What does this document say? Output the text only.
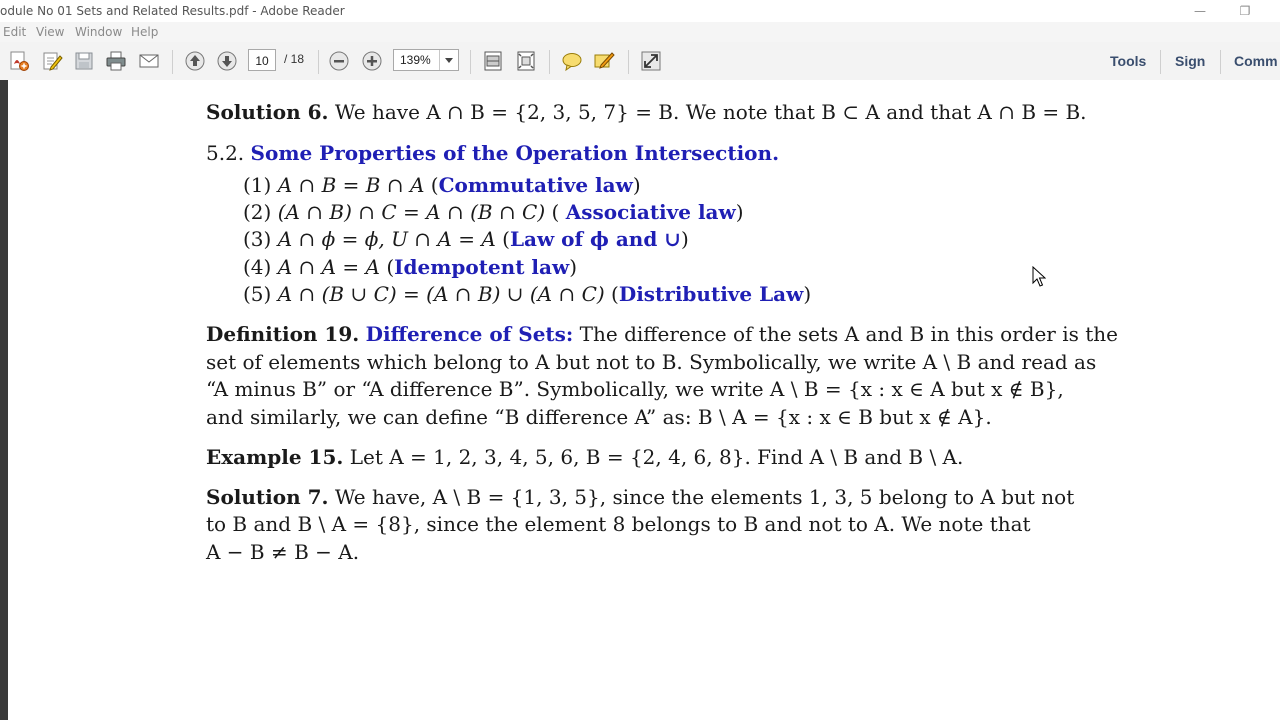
odule No 01 Sets and Related Results.pdf - Adobe Reader	—	❐
Edit View Window Help
10	/ 18	139%	Tools Sign Comm
Solution 6. We have A ∩ B = {2, 3, 5, 7} = B. We note that B ⊂ A and that A ∩ B = B.
5.2. Some Properties of the Operation Intersection.
(1) A ∩ B = B ∩ A (Commutative law)
(2) (A ∩ B) ∩ C = A ∩ (B ∩ C) ( Associative law)
(3) A ∩ ϕ = ϕ, U ∩ A = A (Law of ϕ and ∪)
(4) A ∩ A = A (Idempotent law)
(5) A ∩ (B ∪ C) = (A ∩ B) ∪ (A ∩ C) (Distributive Law)
Definition 19. Difference of Sets: The difference of the sets A and B in this order is the
set of elements which belong to A but not to B. Symbolically, we write A \ B and read as
“A minus B” or “A difference B”. Symbolically, we write A \ B = {x : x ∈ A but x ∉ B},
and similarly, we can define “B difference A” as: B \ A = {x : x ∈ B but x ∉ A}.
Example 15. Let A = 1, 2, 3, 4, 5, 6, B = {2, 4, 6, 8}. Find A \ B and B \ A.
Solution 7. We have, A \ B = {1, 3, 5}, since the elements 1, 3, 5 belong to A but not
to B and B \ A = {8}, since the element 8 belongs to B and not to A. We note that
A − B ≠ B − A.
